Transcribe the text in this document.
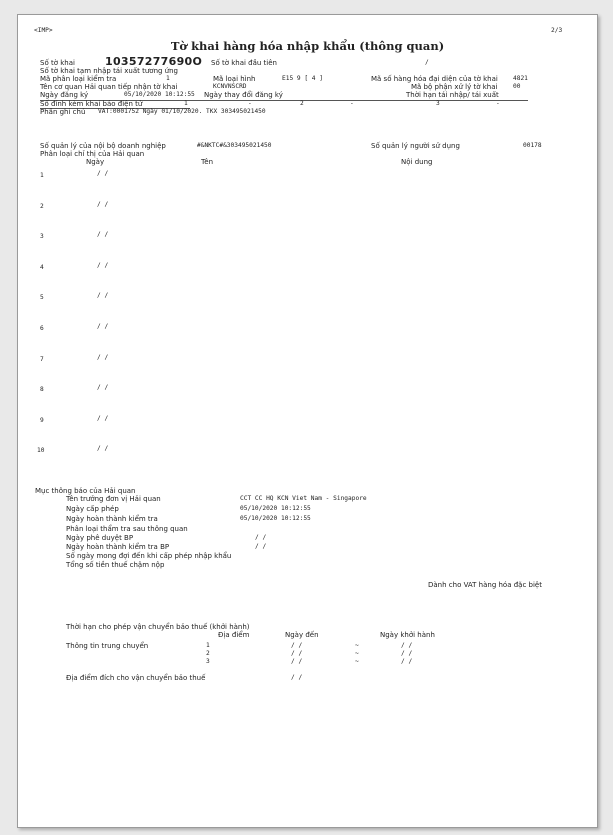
<IMP>	2/3
Tờ khai hàng hóa nhập khẩu (thông quan)
Số tờ khai	10357277690O Số tờ khai đầu tiên	/
Số tờ khai tạm nhập tái xuất tương ứng
Mã phân loại kiểm tra	1	Mã loại hình	E15 9 [ 4 ]	Mã số hàng hóa đại diện của tờ khai 4821
Tên cơ quan Hải quan tiếp nhận tờ khai	KCNVNSCRD	Mã bộ phận xử lý tờ khai	00
Ngày đăng ký	05/10/2020 10:12:55 Ngày thay đổi đăng ký	Thời hạn tái nhập/ tái xuất
Số đính kèm khai báo điện tử	1	-	2	-	3	-
Phần ghi chú VAT:0001752 Ngày 01/10/2020. TKX 303495021450
Số quản lý của nội bộ doanh nghiệp	#&NKTC#&303495021450	Số quản lý người sử dụng	00178
Phân loại chỉ thị của Hải quan
Ngày	Tên	Nội dung
1	/ /
2	/ /
3	/ /
4	/ /
5	/ /
6	/ /
7	/ /
8	/ /
9	/ /
10	/ /
Mục thông báo của Hải quan
Tên trưởng đơn vị Hải quan	CCT CC HQ KCN Viet Nam - Singapore
Ngày cấp phép	05/10/2020 10:12:55
Ngày hoàn thành kiểm tra	05/10/2020 10:12:55
Phân loại thẩm tra sau thông quan
Ngày phê duyệt BP	/ /
Ngày hoàn thành kiểm tra BP	/ /
Số ngày mong đợi đến khi cấp phép nhập khẩu
Tổng số tiền thuế chậm nộp
Dành cho VAT hàng hóa đặc biệt
Thời hạn cho phép vận chuyển bảo thuế (khởi hành)
Địa điểm	Ngày đến	Ngày khởi hành
Thông tin trung chuyển	1	/ /	~	/ /
2	/ /	~	/ /
3	/ /	~	/ /
Địa điểm đích cho vận chuyển bảo thuế	/ /
